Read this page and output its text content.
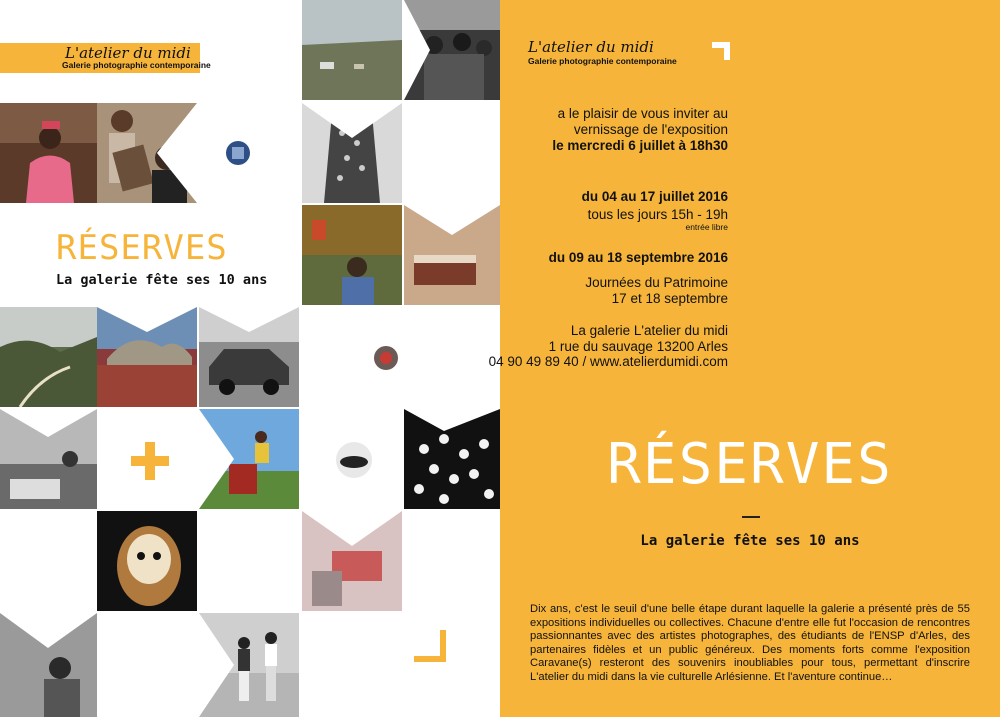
L'atelier du midi
Galerie photographie contemporaine
RÉSERVES
La galerie fête ses 10 ans
L'atelier du midi
Galerie photographie contemporaine
a le plaisir de vous inviter au
vernissage de l'exposition
le mercredi 6 juillet à 18h30
du 04 au 17 juillet 2016
tous les jours 15h - 19h
entrée libre
du 09 au 18 septembre 2016
Journées du Patrimoine
17 et 18 septembre
La galerie L'atelier du midi
1 rue du sauvage 13200 Arles
04 90 49 89 40 / www.atelierdumidi.com
RÉSERVES
La galerie fête ses 10 ans
Dix ans, c'est le seuil d'une belle étape durant laquelle la galerie a présenté près de 55 expositions individuelles ou collectives. Chacune d'entre elle fut l'occasion de rencontres passionnantes avec des artistes photographes, des étudiants de l'ENSP d'Arles, des partenaires fidèles et un public généreux. Des moments forts comme l'exposition Caravane(s) resteront des souvenirs inoubliables pour tous, permettant d'inscrire L'atelier du midi dans la vie culturelle Arlésienne. Et l'aventure continue…
